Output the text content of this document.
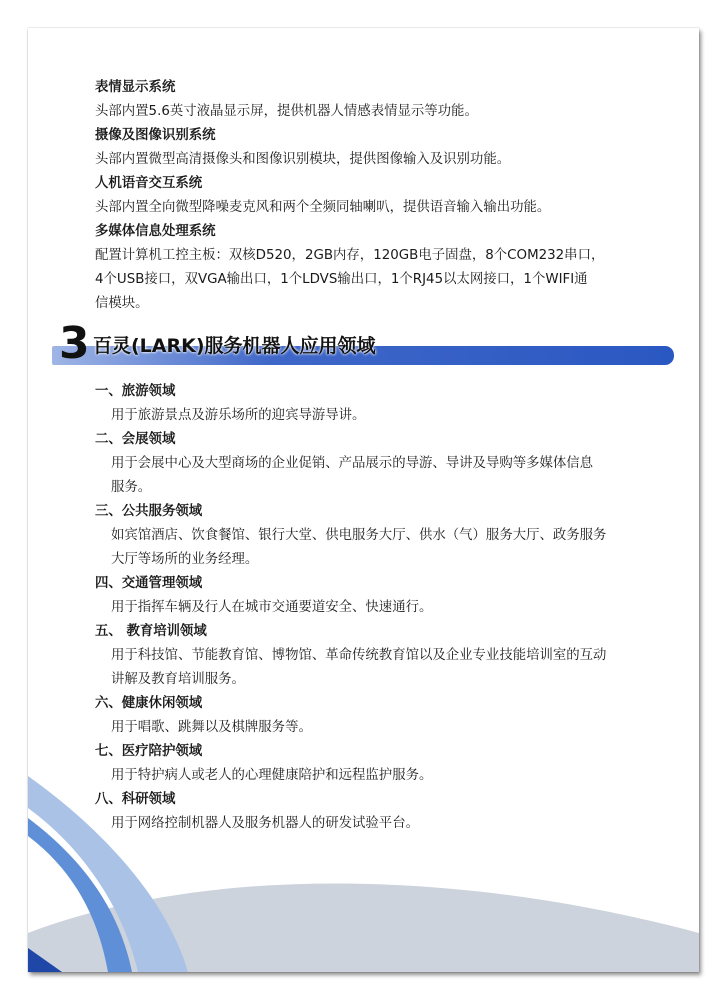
表情显示系统
头部内置5.6英寸液晶显示屏，提供机器人情感表情显示等功能。
摄像及图像识别系统
头部内置微型高清摄像头和图像识别模块，提供图像输入及识别功能。
人机语音交互系统
头部内置全向微型降噪麦克风和两个全频同轴喇叭，提供语音输入输出功能。
多媒体信息处理系统
配置计算机工控主板：双核D520，2GB内存，120GB电子固盘，8个COM232串口，
4个USB接口，双VGA输出口，1个LDVS输出口，1个RJ45以太网接口，1个WIFI通
信模块。
3 百灵(LARK)服务机器人应用领域
一、旅游领域
用于旅游景点及游乐场所的迎宾导游导讲。
二、会展领域
用于会展中心及大型商场的企业促销、产品展示的导游、导讲及导购等多媒体信息
服务。
三、公共服务领域
如宾馆酒店、饮食餐馆、银行大堂、供电服务大厅、供水（气）服务大厅、政务服务
大厅等场所的业务经理。
四、交通管理领域
用于指挥车辆及行人在城市交通要道安全、快速通行。
五、 教育培训领域
用于科技馆、节能教育馆、博物馆、革命传统教育馆以及企业专业技能培训室的互动
讲解及教育培训服务。
六、健康休闲领域
用于唱歌、跳舞以及棋牌服务等。
七、医疗陪护领域
用于特护病人或老人的心理健康陪护和远程监护服务。
八、科研领域
用于网络控制机器人及服务机器人的研发试验平台。
